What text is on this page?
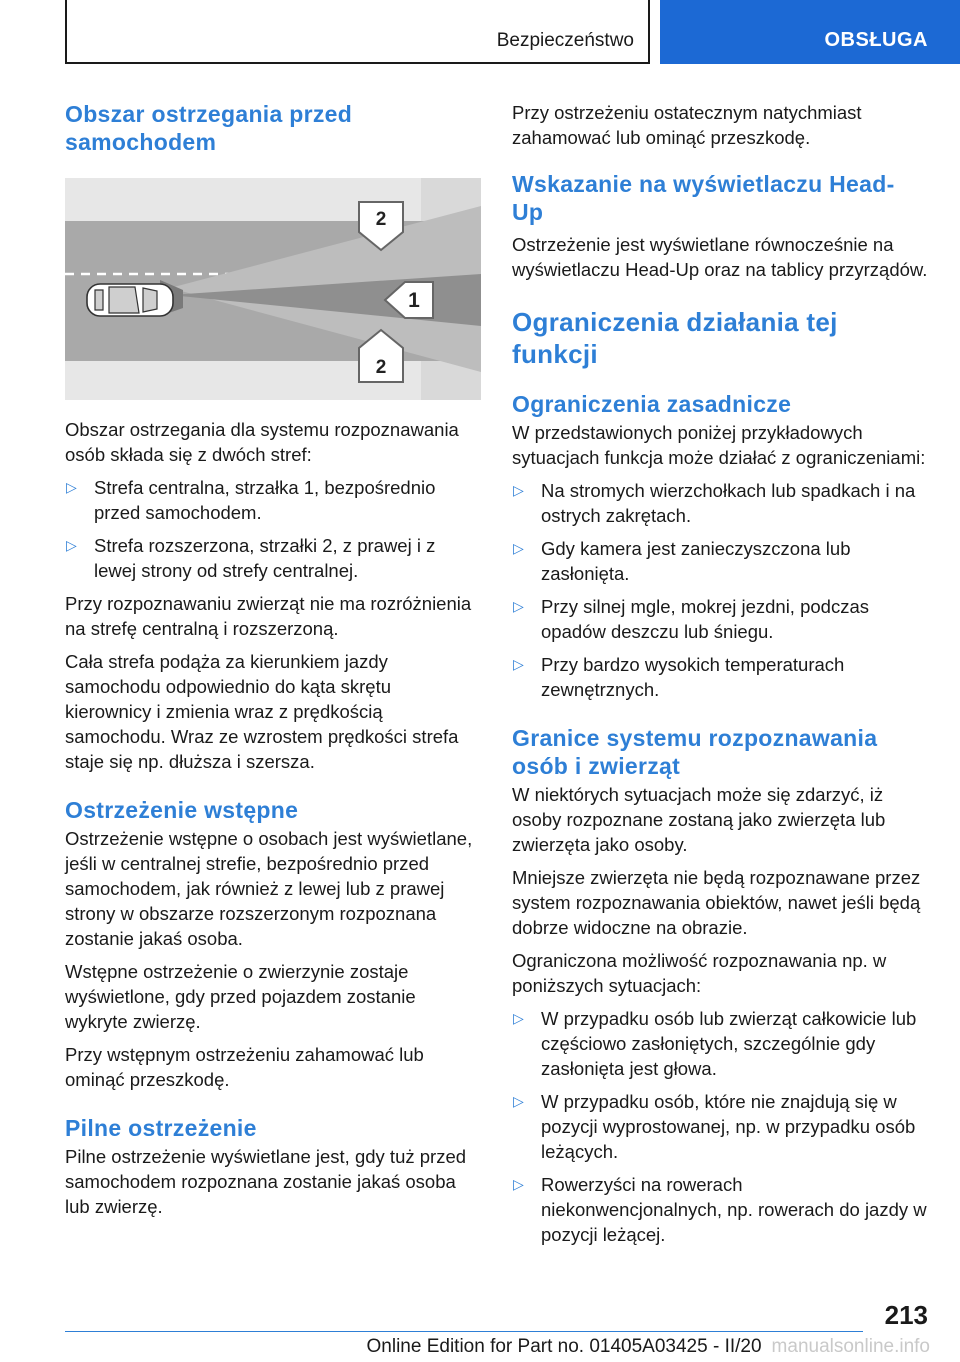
Bezpieczeństwo	OBSŁUGA
Obszar ostrzegania przed samochodem
2
1
2

Obszar ostrzegania dla systemu rozpoznawania osób składa się z dwóch stref:

▷ Strefa centralna, strzałka 1, bezpośrednio przed samochodem.
▷ Strefa rozszerzona, strzałki 2, z prawej i z lewej strony od strefy centralnej.

Przy rozpoznawaniu zwierząt nie ma rozróżnienia na strefę centralną i rozszerzoną.

Cała strefa podąża za kierunkiem jazdy samochodu odpowiednio do kąta skrętu kierownicy i zmienia wraz z prędkością samochodu. Wraz ze wzrostem prędkości strefa staje się np. dłuższa i szersza.

Ostrzeżenie wstępne

Ostrzeżenie wstępne o osobach jest wyświetlane, jeśli w centralnej strefie, bezpośrednio przed samochodem, jak również z lewej lub z prawej strony w obszarze rozszerzonym rozpoznana zostanie jakaś osoba.

Wstępne ostrzeżenie o zwierzynie zostaje wyświetlone, gdy przed pojazdem zostanie wykryte zwierzę.

Przy wstępnym ostrzeżeniu zahamować lub ominąć przeszkodę.

Pilne ostrzeżenie

Pilne ostrzeżenie wyświetlane jest, gdy tuż przed samochodem rozpoznana zostanie jakaś osoba lub zwierzę.

Przy ostrzeżeniu ostatecznym natychmiast zahamować lub ominąć przeszkodę.

Wskazanie na wyświetlaczu Head-Up

Ostrzeżenie jest wyświetlane równocześnie na wyświetlaczu Head-Up oraz na tablicy przyrządów.

Ograniczenia działania tej funkcji
Ograniczenia zasadnicze

W przedstawionych poniżej przykładowych sytuacjach funkcja może działać z ograniczeniami:

▷ Na stromych wierzchołkach lub spadkach i na ostrych zakrętach.
▷ Gdy kamera jest zanieczyszczona lub zasłonięta.
▷ Przy silnej mgle, mokrej jezdni, podczas opadów deszczu lub śniegu.
▷ Przy bardzo wysokich temperaturach zewnętrznych.
Granice systemu rozpoznawania osób i zwierząt

W niektórych sytuacjach może się zdarzyć, iż osoby rozpoznane zostaną jako zwierzęta lub zwierzęta jako osoby.

Mniejsze zwierzęta nie będą rozpoznawane przez system rozpoznawania obiektów, nawet jeśli będą dobrze widoczne na obrazie.

Ograniczona możliwość rozpoznawania np. w poniższych sytuacjach:

▷ W przypadku osób lub zwierząt całkowicie lub częściowo zasłoniętych, szczególnie gdy zasłonięta jest głowa.
▷ W przypadku osób, które nie znajdują się w pozycji wyprostowanej, np. w przypadku osób leżących.
▷ Rowerzyści na rowerach niekonwencjonalnych, np. rowerach do jazdy w pozycji leżącej.
213
Online Edition for Part no. 01405A03425 - II/20 manualsonline.info
